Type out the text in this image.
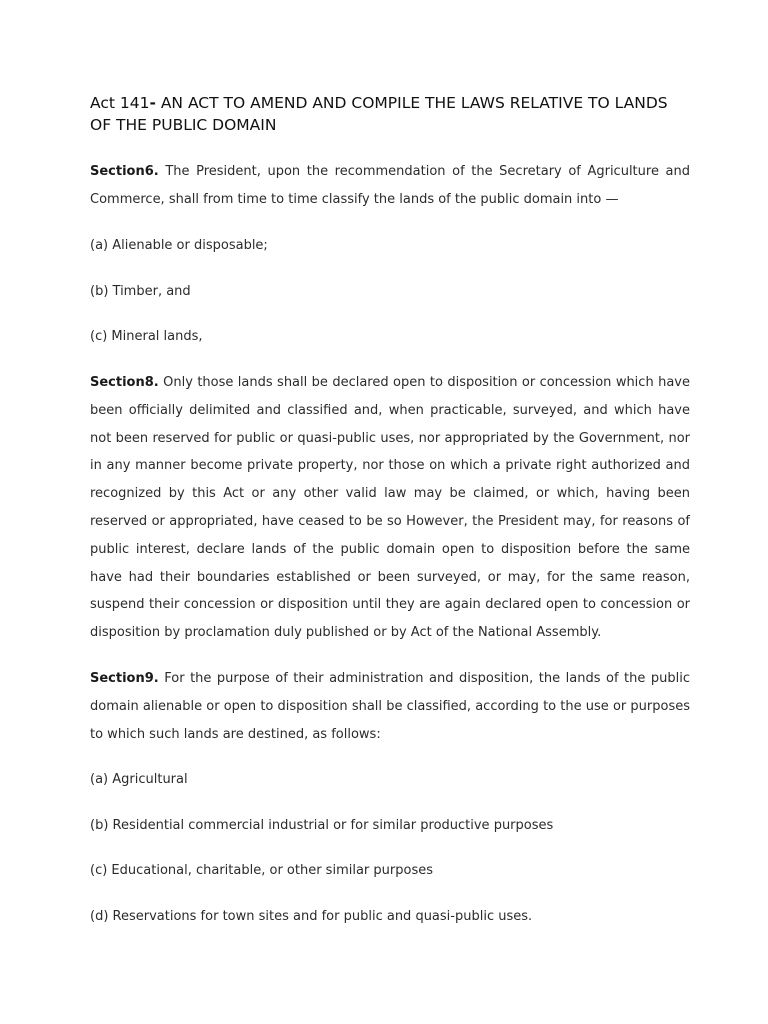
Act 141- AN ACT TO AMEND AND COMPILE THE LAWS RELATIVE TO LANDS OF THE PUBLIC DOMAIN

Section6. The President, upon the recommendation of the Secretary of Agriculture and Commerce, shall from time to time classify the lands of the public domain into —

(a) Alienable or disposable;

(b) Timber, and

(c) Mineral lands,

Section8. Only those lands shall be declared open to disposition or concession which have been officially delimited and classified and, when practicable, surveyed, and which have not been reserved for public or quasi-public uses, nor appropriated by the Government, nor in any manner become private property, nor those on which a private right authorized and recognized by this Act or any other valid law may be claimed, or which, having been reserved or appropriated, have ceased to be so However, the President may, for reasons of public interest, declare lands of the public domain open to disposition before the same have had their boundaries established or been surveyed, or may, for the same reason, suspend their concession or disposition until they are again declared open to concession or disposition by proclamation duly published or by Act of the National Assembly.

Section9. For the purpose of their administration and disposition, the lands of the public domain alienable or open to disposition shall be classified, according to the use or purposes to which such lands are destined, as follows:

(a) Agricultural

(b) Residential commercial industrial or for similar productive purposes

(c) Educational, charitable, or other similar purposes

(d) Reservations for town sites and for public and quasi-public uses.
